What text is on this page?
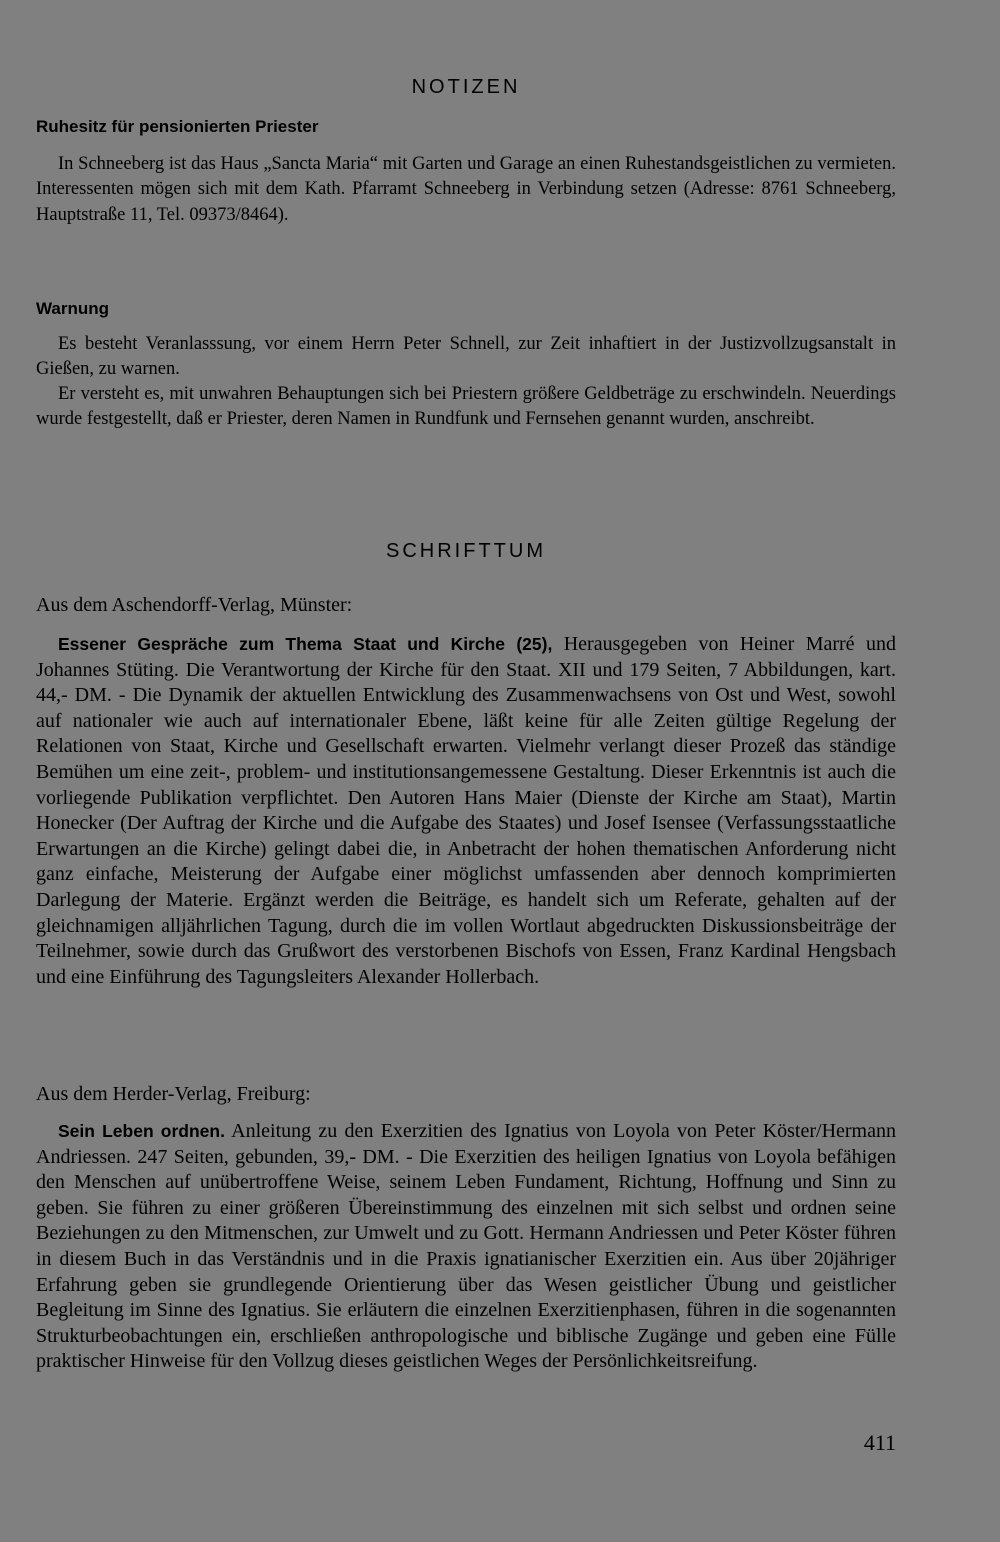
NOTIZEN
Ruhesitz für pensionierten Priester
In Schneeberg ist das Haus „Sancta Maria“ mit Garten und Garage an einen Ruhestandsgeistlichen zu vermieten. Interessenten mögen sich mit dem Kath. Pfarramt Schneeberg in Verbindung setzen (Adresse: 8761 Schneeberg, Hauptstraße 11, Tel. 09373/8464).
Warnung
Es besteht Veranlasssung, vor einem Herrn Peter Schnell, zur Zeit inhaftiert in der Justizvollzugsanstalt in Gießen, zu warnen.
Er versteht es, mit unwahren Behauptungen sich bei Priestern größere Geldbeträge zu erschwindeln. Neuerdings wurde festgestellt, daß er Priester, deren Namen in Rundfunk und Fernsehen genannt wurden, anschreibt.
SCHRIFTTUM
Aus dem Aschendorff-Verlag, Münster:
Essener Gespräche zum Thema Staat und Kirche (25), Herausgegeben von Heiner Marré und Johannes Stüting. Die Verantwortung der Kirche für den Staat. XII und 179 Seiten, 7 Abbildungen, kart. 44,- DM. - Die Dynamik der aktuellen Entwicklung des Zusammenwachsens von Ost und West, sowohl auf nationaler wie auch auf internationaler Ebene, läßt keine für alle Zeiten gültige Regelung der Relationen von Staat, Kirche und Gesellschaft erwarten. Vielmehr verlangt dieser Prozeß das ständige Bemühen um eine zeit-, problem- und institutionsangemessene Gestaltung. Dieser Erkenntnis ist auch die vorliegende Publikation verpflichtet. Den Autoren Hans Maier (Dienste der Kirche am Staat), Martin Honecker (Der Auftrag der Kirche und die Aufgabe des Staates) und Josef Isensee (Verfassungsstaatliche Erwartungen an die Kirche) gelingt dabei die, in Anbetracht der hohen thematischen Anforderung nicht ganz einfache, Meisterung der Aufgabe einer möglichst umfassenden aber dennoch komprimierten Darlegung der Materie. Ergänzt werden die Beiträge, es handelt sich um Referate, gehalten auf der gleichnamigen alljährlichen Tagung, durch die im vollen Wortlaut abgedruckten Diskussionsbeiträge der Teilnehmer, sowie durch das Grußwort des verstorbenen Bischofs von Essen, Franz Kardinal Hengsbach und eine Einführung des Tagungsleiters Alexander Hollerbach.
Aus dem Herder-Verlag, Freiburg:
Sein Leben ordnen. Anleitung zu den Exerzitien des Ignatius von Loyola von Peter Köster/Hermann Andriessen. 247 Seiten, gebunden, 39,- DM. - Die Exerzitien des heiligen Ignatius von Loyola befähigen den Menschen auf unübertroffene Weise, seinem Leben Fundament, Richtung, Hoffnung und Sinn zu geben. Sie führen zu einer größeren Übereinstimmung des einzelnen mit sich selbst und ordnen seine Beziehungen zu den Mitmenschen, zur Umwelt und zu Gott. Hermann Andriessen und Peter Köster führen in diesem Buch in das Verständnis und in die Praxis ignatianischer Exerzitien ein. Aus über 20jähriger Erfahrung geben sie grundlegende Orientierung über das Wesen geistlicher Übung und geistlicher Begleitung im Sinne des Ignatius. Sie erläutern die einzelnen Exerzitienphasen, führen in die sogenannten Strukturbeobachtungen ein, erschließen anthropologische und biblische Zugänge und geben eine Fülle praktischer Hinweise für den Vollzug dieses geistlichen Weges der Persönlichkeitsreifung.
411
